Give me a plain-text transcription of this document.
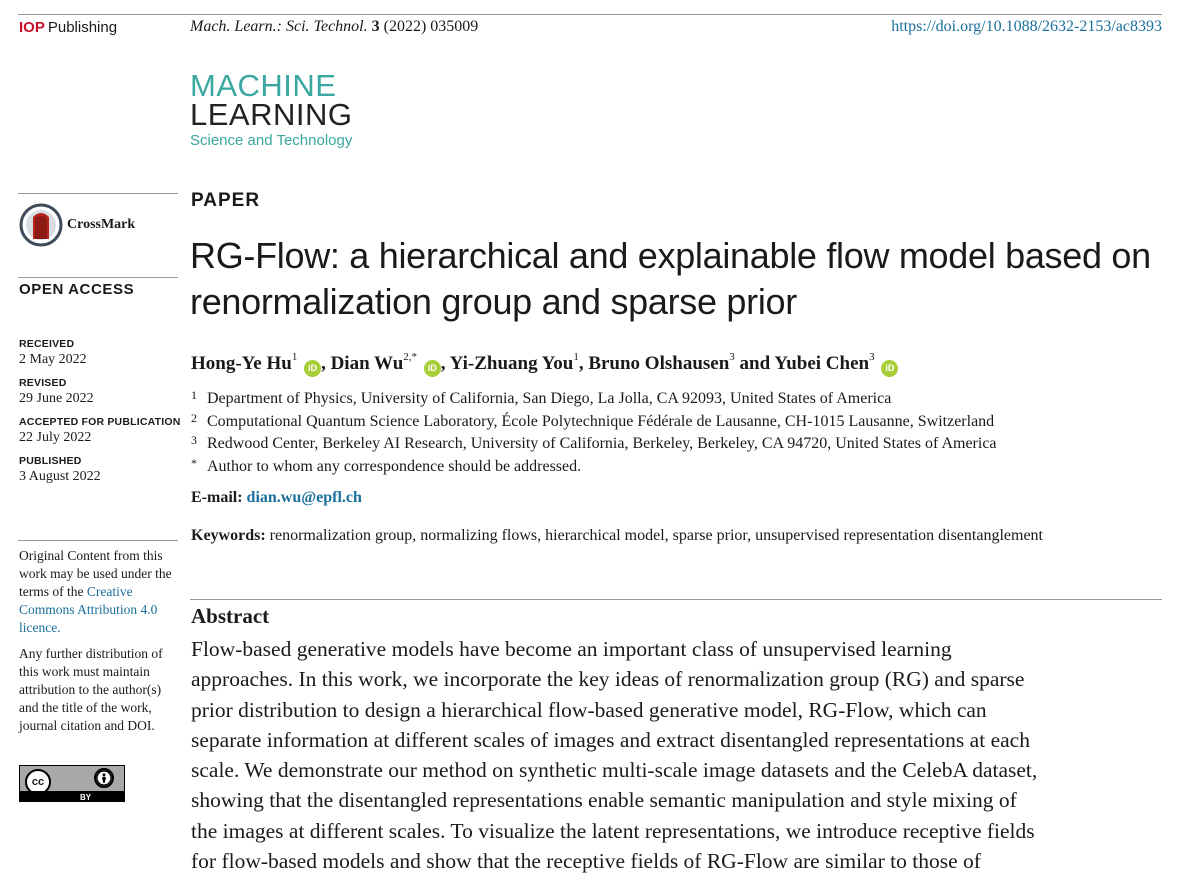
IOP Publishing	Mach. Learn.: Sci. Technol. 3 (2022) 035009	https://doi.org/10.1088/2632-2153/ac8393
MACHINE
LEARNING
Science and Technology
CrossMark
OPEN ACCESS
RECEIVED
2 May 2022
REVISED
29 June 2022
ACCEPTED FOR PUBLICATION
22 July 2022
PUBLISHED
3 August 2022

Original Content from this work may be used under the terms of the Creative Commons Attribution 4.0 licence.

Any further distribution of this work must maintain attribution to the author(s) and the title of the work, journal citation and DOI.

cc
BY
PAPER
RG-Flow: a hierarchical and explainable flow model based on
renormalization group and sparse prior
Hong-Ye Hu$^1$ iD , Dian $Wu^{2,*}$ iD , Yi-Zhuang You$^1$, Bruno Olshausen$^3$ and Yubei Chen$^3$ iD
1 Department of Physics, University of California, San Diego, La Jolla, CA 92093, United States of America
2 Computational Quantum Science Laboratory, École Polytechnique Fédérale de Lausanne, CH-1015 Lausanne, Switzerland
3 Redwood Center, Berkeley AI Research, University of California, Berkeley, Berkeley, CA 94720, United States of America
* Author to whom any correspondence should be addressed.
E-mail: dian.wu@epfl.ch
Keywords: renormalization group, normalizing flows, hierarchical model, sparse prior, unsupervised representation disentanglement
Abstract

Flow-based generative models have become an important class of unsupervised learning
approaches. In this work, we incorporate the key ideas of renormalization group (RG) and sparse
prior distribution to design a hierarchical flow-based generative model, RG-Flow, which can
separate information at different scales of images and extract disentangled representations at each
scale. We demonstrate our method on synthetic multi-scale image datasets and the CelebA dataset,
showing that the disentangled representations enable semantic manipulation and style mixing of
the images at different scales. To visualize the latent representations, we introduce receptive fields
for flow-based models and show that the receptive fields of RG-Flow are similar to those of
